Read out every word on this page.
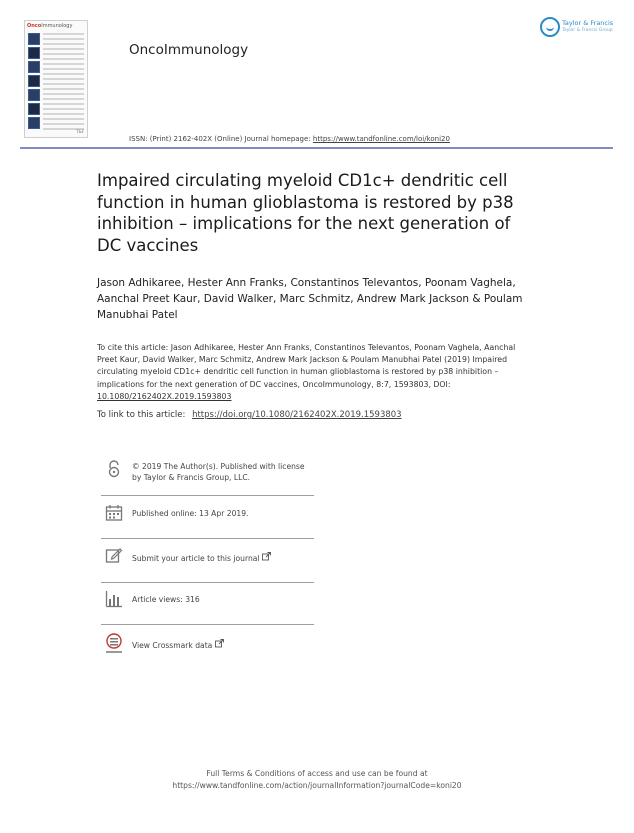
OncoImmunology
T&F
OncoImmunology
Taylor & Francis
Taylor & Francis Group
ISSN: (Print) 2162-402X (Online) Journal homepage: https://www.tandfonline.com/loi/koni20
Impaired circulating myeloid CD1c+ dendritic cell function in human glioblastoma is restored by p38 inhibition – implications for the next generation of DC vaccines
Jason Adhikaree, Hester Ann Franks, Constantinos Televantos, Poonam Vaghela, Aanchal Preet Kaur, David Walker, Marc Schmitz, Andrew Mark Jackson & Poulam Manubhai Patel
To cite this article: Jason Adhikaree, Hester Ann Franks, Constantinos Televantos, Poonam Vaghela, Aanchal Preet Kaur, David Walker, Marc Schmitz, Andrew Mark Jackson & Poulam Manubhai Patel (2019) Impaired circulating myeloid CD1c+ dendritic cell function in human glioblastoma is restored by p38 inhibition – implications for the next generation of DC vaccines, OncoImmunology, 8:7, 1593803, DOI: 10.1080/2162402X.2019.1593803
To link to this article: https://doi.org/10.1080/2162402X.2019.1593803
© 2019 The Author(s). Published with license by Taylor & Francis Group, LLC.
Published online: 13 Apr 2019.
Submit your article to this journal
Article views: 316
View Crossmark data
Full Terms & Conditions of access and use can be found at
https://www.tandfonline.com/action/journalInformation?journalCode=koni20
